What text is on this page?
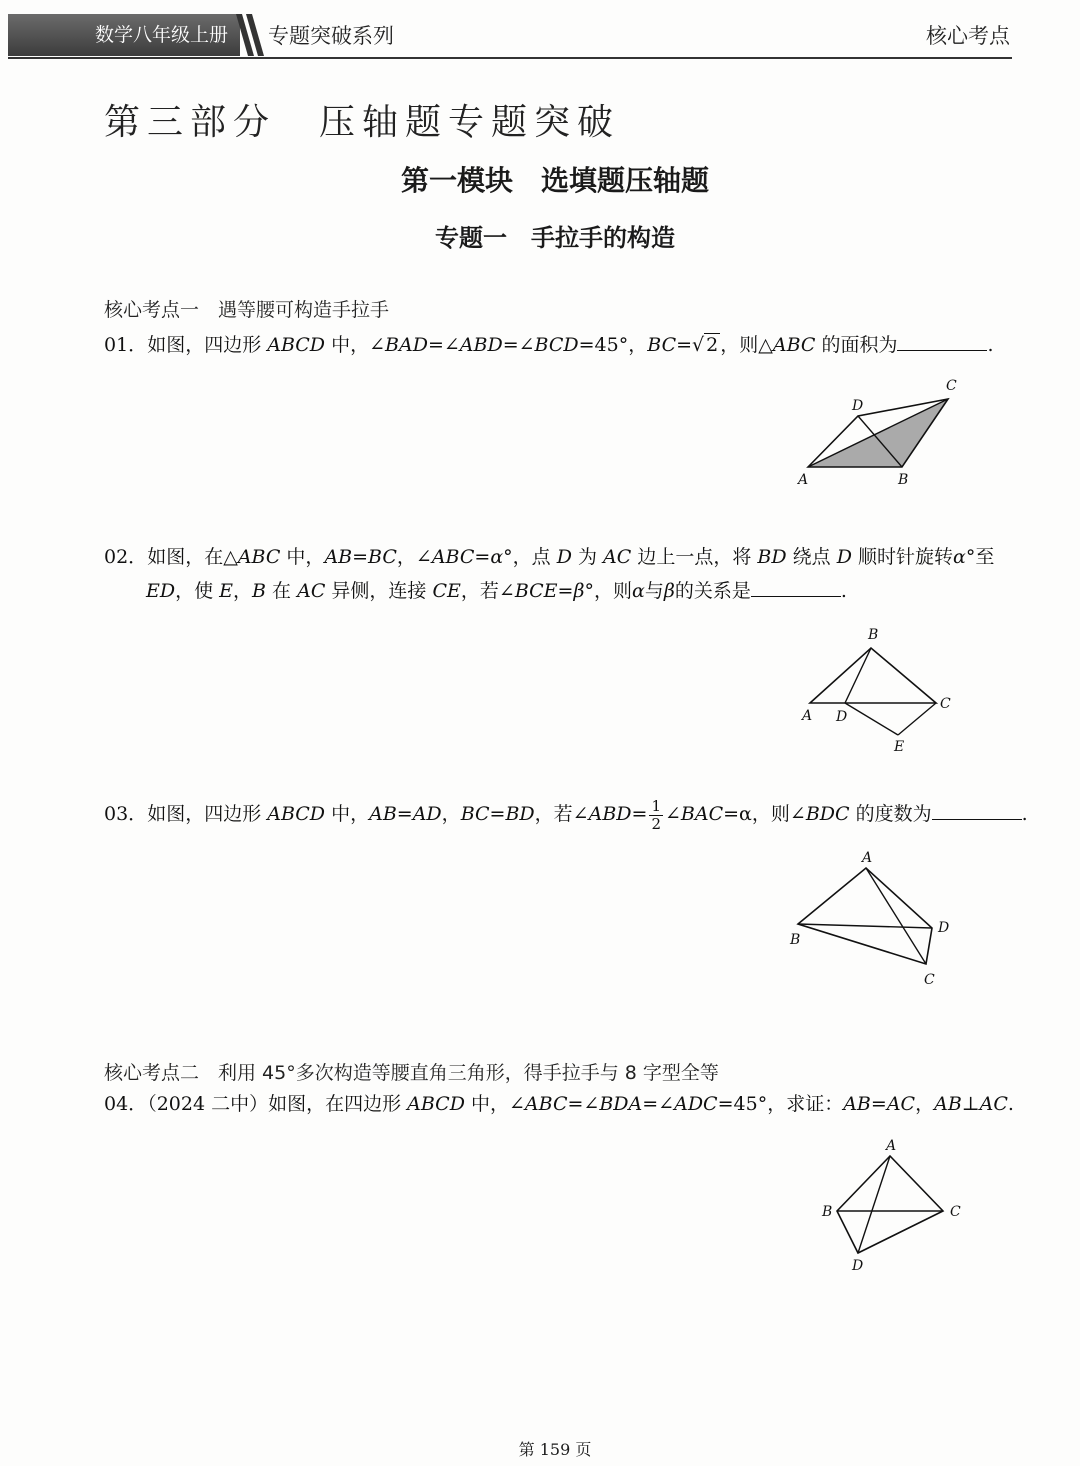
数学八年级上册	专题突破系列	核心考点
第三部分　压轴题专题突破
第一模块　选填题压轴题
专题一　手拉手的构造
核心考点一　遇等腰可构造手拉手
01．如图，四边形 ABCD 中，∠BAD=∠ABD=∠BCD=45°，BC=√ 2 ，则△ABC 的面积为	.
A	B
C
D
02．如图，在△ABC 中，AB=BC，∠ABC=α°，点 D 为 AC 边上一点，将 BD 绕点 D 顺时针旋转α°至
ED，使 E，B 在 AC 异侧，连接 CE，若∠BCE=β°，则α与β的关系是	.
A
B
C
D
E
03．如图，四边形 ABCD 中，AB=AD，BC=BD，若∠ABD= $\frac{1}{2}$ ∠BAC=α，则∠BDC 的度数为	.
A
B
C
D
核心考点二　利用 45°多次构造等腰直角三角形，得手拉手与 8 字型全等
04．（2024 二中）如图，在四边形 ABCD 中，∠ABC=∠BDA=∠ADC=45°，求证：AB=AC，AB⊥AC.
A
B	C
D
第 159 页
